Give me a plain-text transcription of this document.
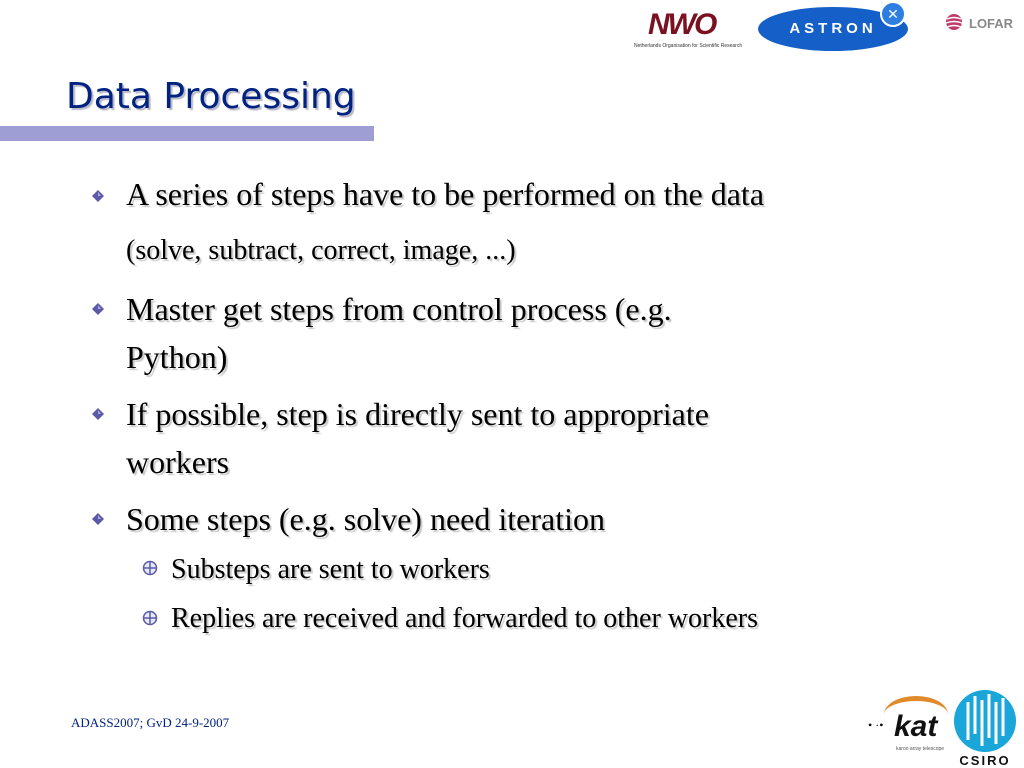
NWO
Netherlands Organisation for Scientific Research
ASTRON
✕
LOFAR
Data Processing
A series of steps have to be performed on the data
(solve, subtract, correct, image, ...)
Master get steps from control process (e.g.
Python)
If possible, step is directly sent to appropriate
workers
Some steps (e.g. solve) need iteration
Substeps are sent to workers
Replies are received and forwarded to other workers
ADASS2007; GvD 24-9-2007	• ·• kat
karoo array telescope
CSIRO
